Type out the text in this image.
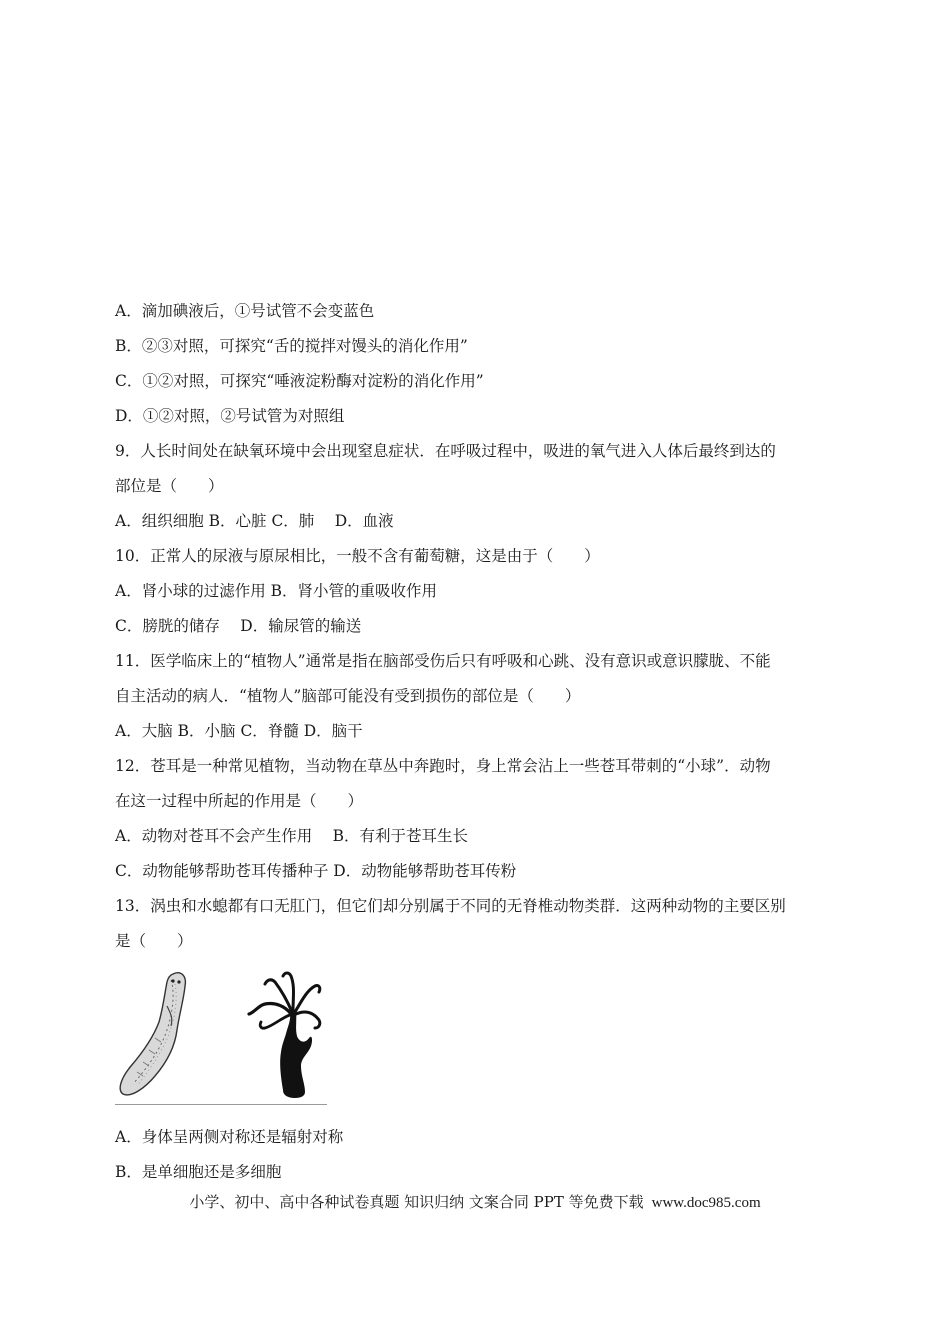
A．滴加碘液后，①号试管不会变蓝色
B．②③对照，可探究“舌的搅拌对馒头的消化作用”
C．①②对照，可探究“唾液淀粉酶对淀粉的消化作用”
D．①②对照，②号试管为对照组
9．人长时间处在缺氧环境中会出现窒息症状．在呼吸过程中，吸进的氧气进入人体后最终到达的
部位是（　　）
A．组织细胞 B．心脏 C．肺　 D．血液
10．正常人的尿液与原尿相比，一般不含有葡萄糖，这是由于（　　）
A．肾小球的过滤作用 B．肾小管的重吸收作用
C．膀胱的储存　 D．输尿管的输送
11．医学临床上的“植物人”通常是指在脑部受伤后只有呼吸和心跳、没有意识或意识朦胧、不能
自主活动的病人．“植物人”脑部可能没有受到损伤的部位是（　　）
A．大脑 B．小脑 C．脊髓 D．脑干
12．苍耳是一种常见植物，当动物在草丛中奔跑时，身上常会沾上一些苍耳带刺的“小球”．动物
在这一过程中所起的作用是（　　）
A．动物对苍耳不会产生作用　 B．有利于苍耳生长
C．动物能够帮助苍耳传播种子 D．动物能够帮助苍耳传粉
13．涡虫和水螅都有口无肛门，但它们却分别属于不同的无脊椎动物类群．这两种动物的主要区别
是（　　）
A．身体呈两侧对称还是辐射对称
B．是单细胞还是多细胞
小学、初中、高中各种试卷真题 知识归纳 文案合同 PPT 等免费下载 www.doc985.com
